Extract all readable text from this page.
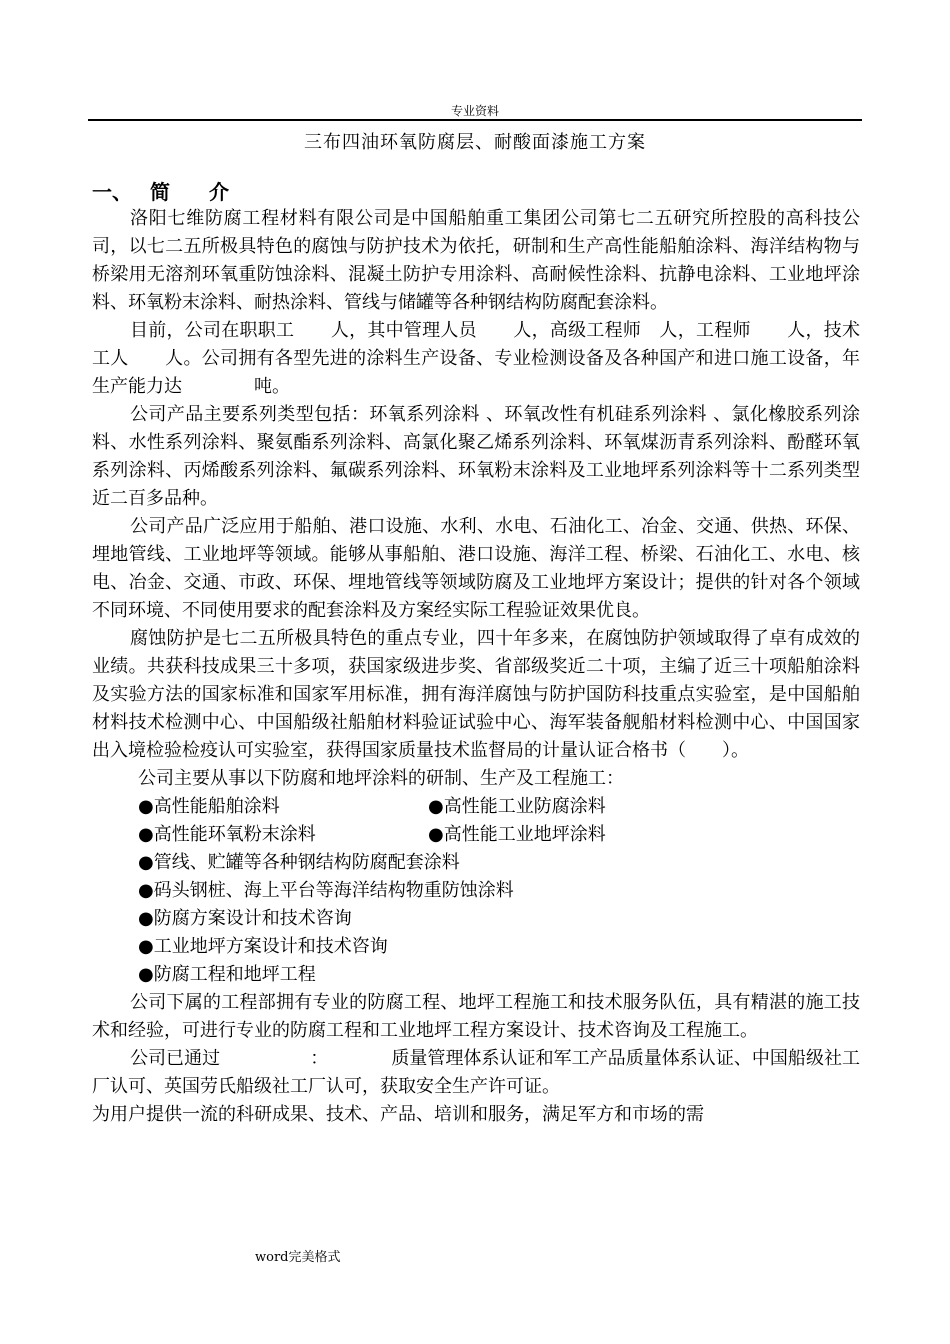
专业资料
三布四油环氧防腐层、耐酸面漆施工方案
一、 简 介

洛阳七维防腐工程材料有限公司是中国船舶重工集团公司第七二五研究所控股的高科技公司，以七二五所极具特色的腐蚀与防护技术为依托，研制和生产高性能船舶涂料、海洋结构物与桥梁用无溶剂环氧重防蚀涂料、混凝土防护专用涂料、高耐候性涂料、抗静电涂料、工业地坪涂料、环氧粉末涂料、耐热涂料、管线与储罐等各种钢结构防腐配套涂料。

目前，公司在职职工　　人，其中管理人员　　人，高级工程师　人，工程师　　人，技术工人　　人。公司拥有各型先进的涂料生产设备、专业检测设备及各种国产和进口施工设备，年生产能力达　　　　吨。

公司产品主要系列类型包括：环氧系列涂料 、环氧改性有机硅系列涂料 、氯化橡胶系列涂料、水性系列涂料、聚氨酯系列涂料、高氯化聚乙烯系列涂料、环氧煤沥青系列涂料、酚醛环氧系列涂料、丙烯酸系列涂料、氟碳系列涂料、环氧粉末涂料及工业地坪系列涂料等十二系列类型近二百多品种。

公司产品广泛应用于船舶、港口设施、水利、水电、石油化工、冶金、交通、供热、环保、埋地管线、工业地坪等领域。能够从事船舶、港口设施、海洋工程、桥梁、石油化工、水电、核电、冶金、交通、市政、环保、埋地管线等领域防腐及工业地坪方案设计；提供的针对各个领域不同环境、不同使用要求的配套涂料及方案经实际工程验证效果优良。

腐蚀防护是七二五所极具特色的重点专业，四十年多来，在腐蚀防护领域取得了卓有成效的业绩。共获科技成果三十多项，获国家级进步奖、省部级奖近二十项，主编了近三十项船舶涂料及实验方法的国家标准和国家军用标准，拥有海洋腐蚀与防护国防科技重点实验室，是中国船舶材料技术检测中心、中国船级社船舶材料验证试验中心、海军装备舰船材料检测中心、中国国家出入境检验检疫认可实验室，获得国家质量技术监督局的计量认证合格书（　　）。

公司主要从事以下防腐和地坪涂料的研制、生产及工程施工：

●高性能船舶涂料	●高性能工业防腐涂料
●高性能环氧粉末涂料	●高性能工业地坪涂料
●管线、贮罐等各种钢结构防腐配套涂料
●码头钢桩、海上平台等海洋结构物重防蚀涂料
●防腐方案设计和技术咨询
●工业地坪方案设计和技术咨询
●防腐工程和地坪工程

公司下属的工程部拥有专业的防腐工程、地坪工程施工和技术服务队伍，具有精湛的施工技术和经验，可进行专业的防腐工程和工业地坪工程方案设计、技术咨询及工程施工。

公司已通过　　　　　：　　　　质量管理体系认证和军工产品质量体系认证、中国船级社工厂认可、英国劳氏船级社工厂认可，获取安全生产许可证。

为用户提供一流的科研成果、技术、产品、培训和服务，满足军方和市场的需

word完美格式
